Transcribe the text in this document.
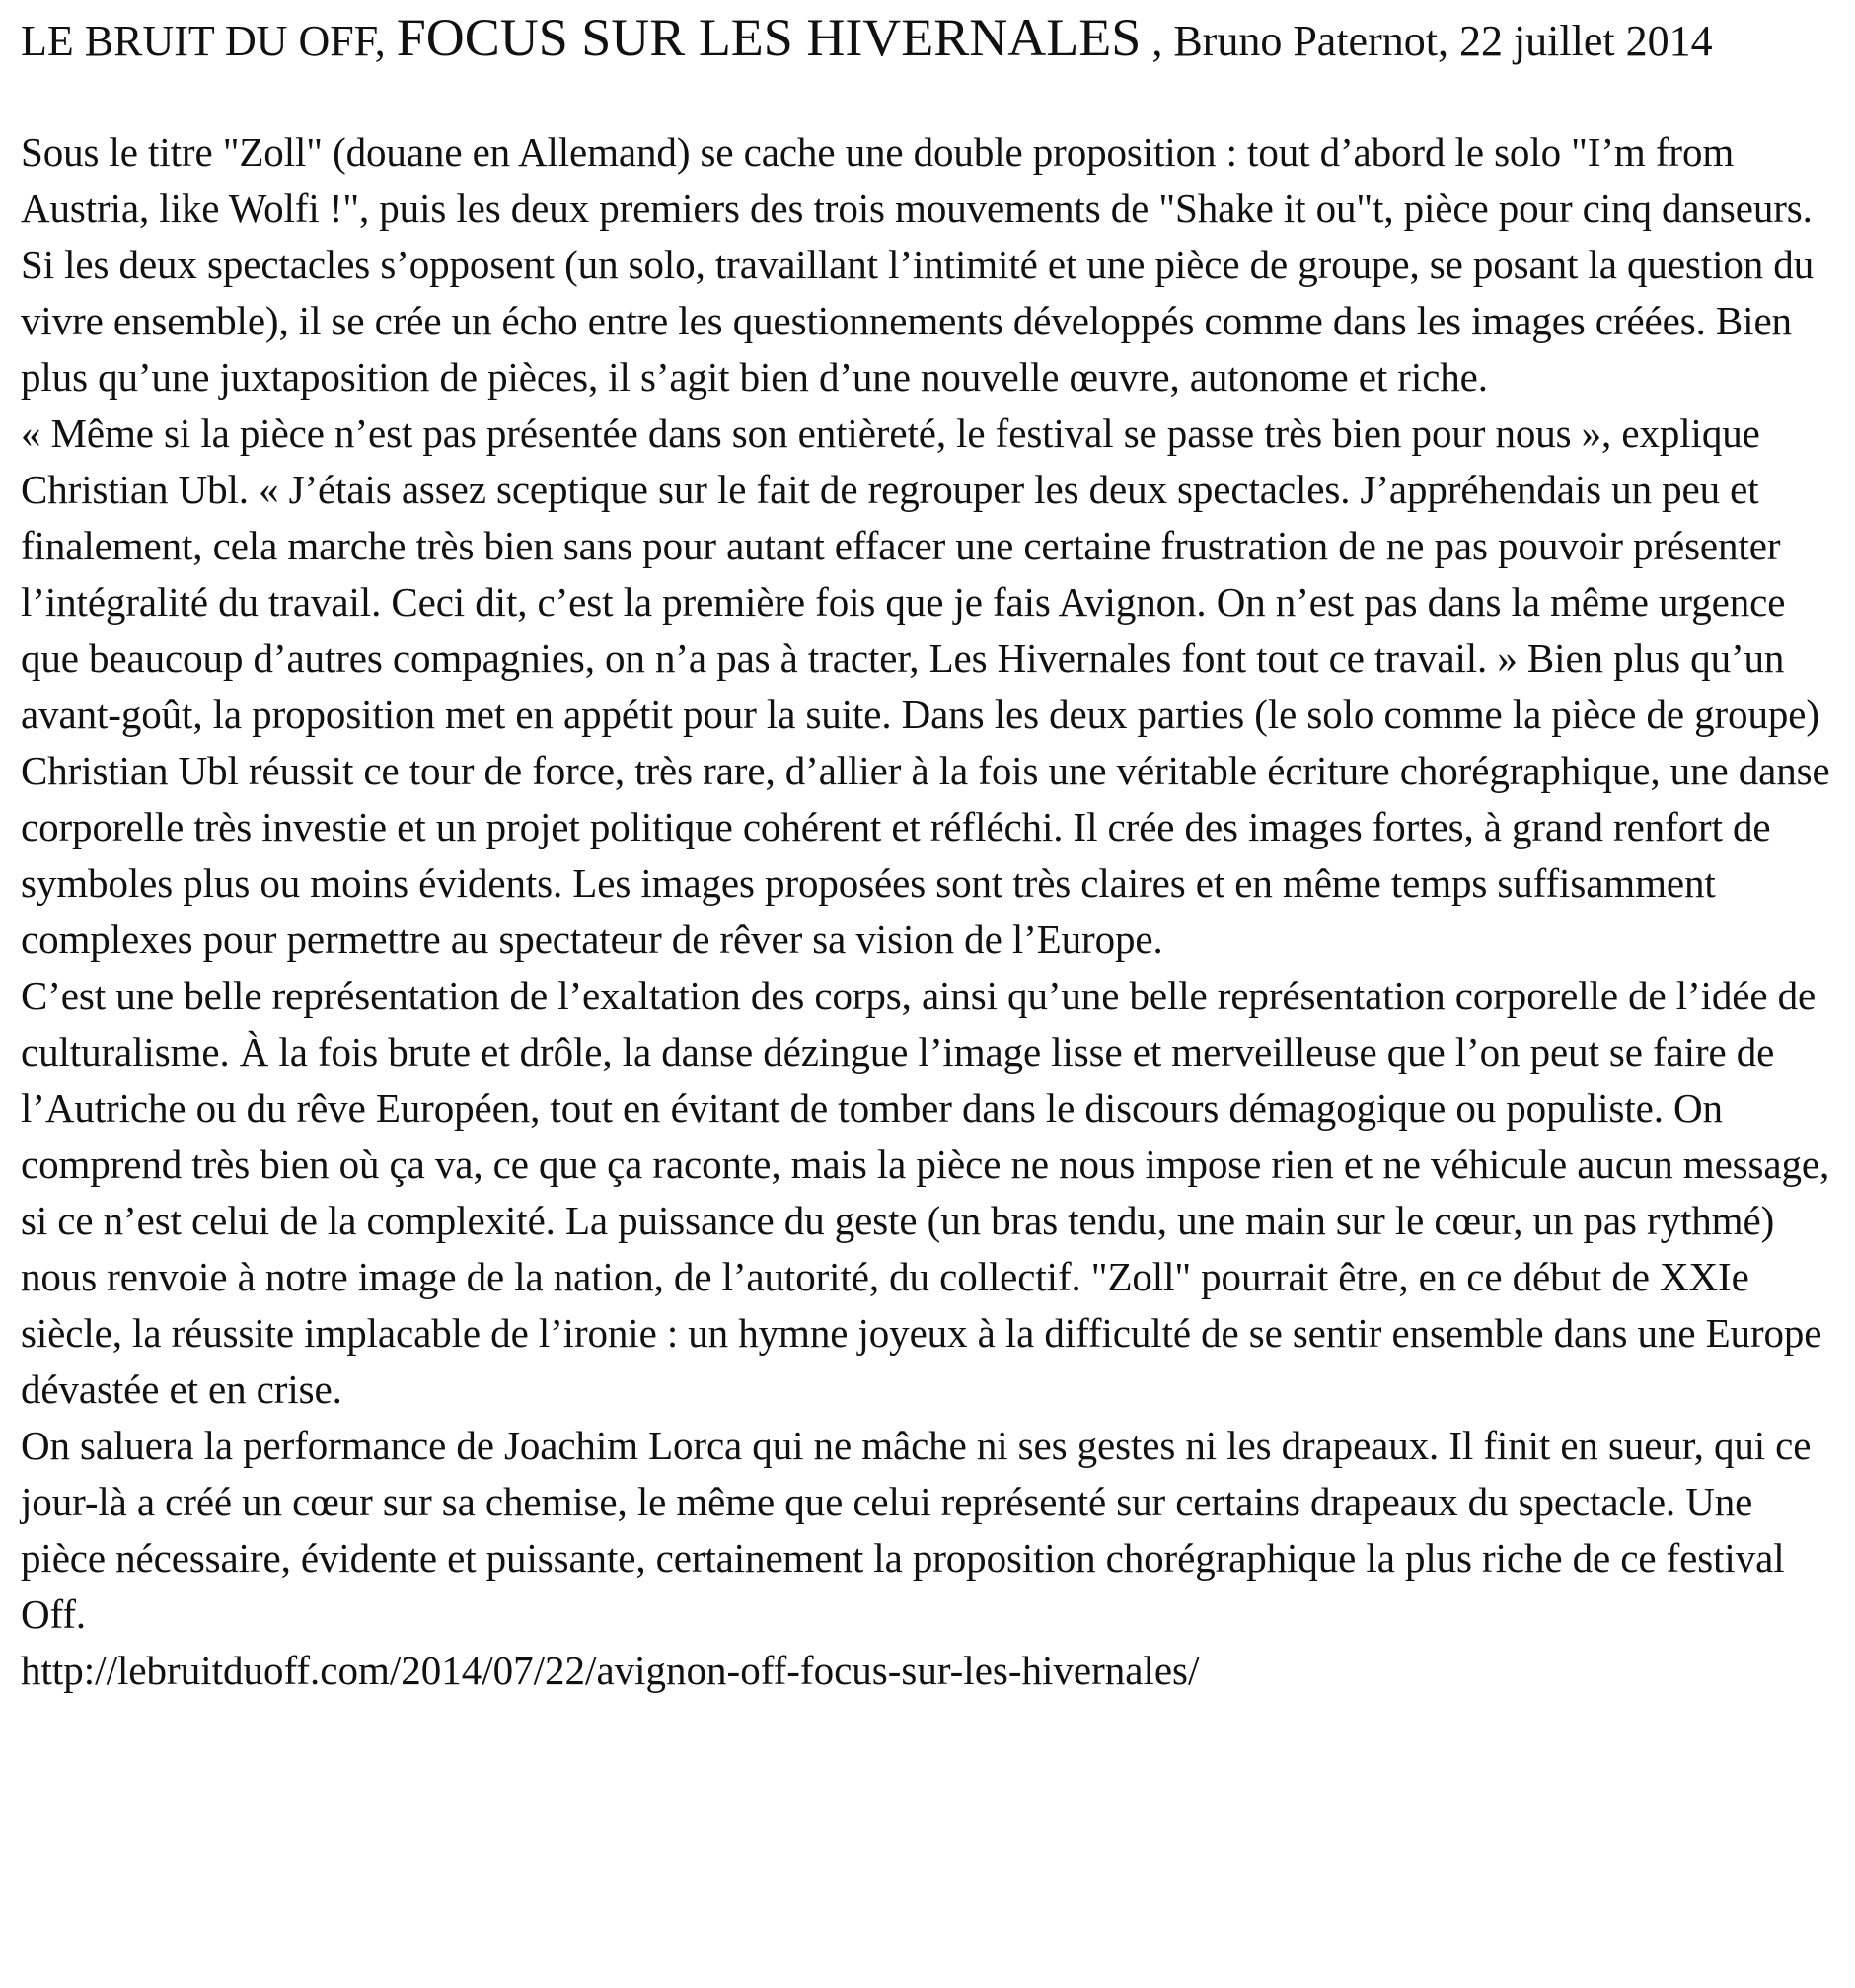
LE BRUIT DU OFF, FOCUS SUR LES HIVERNALES , Bruno Paternot, 22 juillet 2014

Sous le titre "Zoll" (douane en Allemand) se cache une double proposition : tout d’abord le solo "I’m from Austria, like Wolfi !", puis les deux premiers des trois mouvements de "Shake it ou"t, pièce pour cinq danseurs. Si les deux spectacles s’opposent (un solo, travaillant l’intimité et une pièce de groupe, se posant la question du vivre ensemble), il se crée un écho entre les questionnements développés comme dans les images créées. Bien plus qu’une juxtaposition de pièces, il s’agit bien d’une nouvelle œuvre, autonome et riche.

« Même si la pièce n’est pas présentée dans son entièreté, le festival se passe très bien pour nous », explique Christian Ubl. « J’étais assez sceptique sur le fait de regrouper les deux spectacles. J’appréhendais un peu et finalement, cela marche très bien sans pour autant effacer une certaine frustration de ne pas pouvoir présenter l’intégralité du travail. Ceci dit, c’est la première fois que je fais Avignon. On n’est pas dans la même urgence que beaucoup d’autres compagnies, on n’a pas à tracter, Les Hivernales font tout ce travail. » Bien plus qu’un avant-goût, la proposition met en appétit pour la suite. Dans les deux parties (le solo comme la pièce de groupe) Christian Ubl réussit ce tour de force, très rare, d’allier à la fois une véritable écriture chorégraphique, une danse corporelle très investie et un projet politique cohérent et réfléchi. Il crée des images fortes, à grand renfort de symboles plus ou moins évidents. Les images proposées sont très claires et en même temps suffisamment complexes pour permettre au spectateur de rêver sa vision de l’Europe.

C’est une belle représentation de l’exaltation des corps, ainsi qu’une belle représentation corporelle de l’idée de culturalisme. À la fois brute et drôle, la danse dézingue l’image lisse et merveilleuse que l’on peut se faire de l’Autriche ou du rêve Européen, tout en évitant de tomber dans le discours démagogique ou populiste. On comprend très bien où ça va, ce que ça raconte, mais la pièce ne nous impose rien et ne véhicule aucun message, si ce n’est celui de la complexité. La puissance du geste (un bras tendu, une main sur le cœur, un pas rythmé) nous renvoie à notre image de la nation, de l’autorité, du collectif. "Zoll" pourrait être, en ce début de XXIe siècle, la réussite implacable de l’ironie : un hymne joyeux à la difficulté de se sentir ensemble dans une Europe dévastée et en crise.

On saluera la performance de Joachim Lorca qui ne mâche ni ses gestes ni les drapeaux. Il finit en sueur, qui ce jour-là a créé un cœur sur sa chemise, le même que celui représenté sur certains drapeaux du spectacle. Une pièce nécessaire, évidente et puissante, certainement la proposition chorégraphique la plus riche de ce festival Off.

http://lebruitduoff.com/2014/07/22/avignon-off-focus-sur-les-hivernales/
